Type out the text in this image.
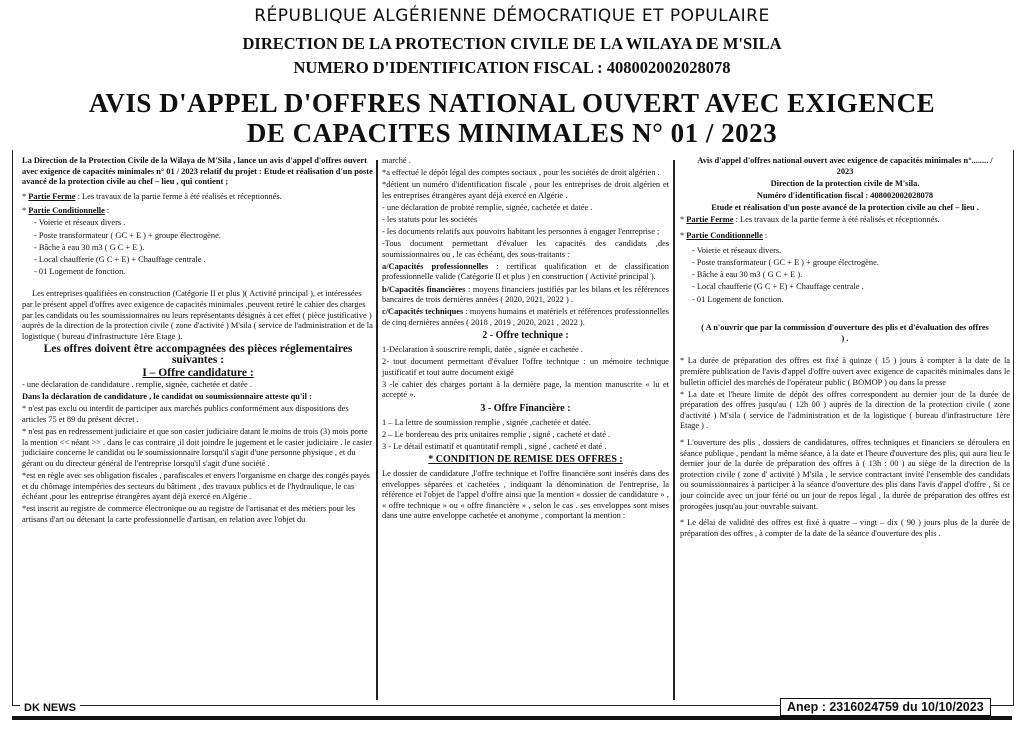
RÉPUBLIQUE ALGÉRIENNE DÉMOCRATIQUE ET POPULAIRE
DIRECTION DE LA PROTECTION CIVILE DE LA WILAYA DE M'SILA
NUMERO D'IDENTIFICATION FISCAL : 408002002028078
AVIS D'APPEL D'OFFRES NATIONAL OUVERT AVEC EXIGENCE
DE CAPACITES MINIMALES N° 01 / 2023

La Direction de la Protection Civile de la Wilaya de M'Sila , lance un avis d'appel d'offres ouvert avec exigence de capacités minimales n° 01 / 2023 relatif du projet : Etude et réalisation d'un poste avancé de la protection civile au chef – lieu , qui contient ;

* Partie Ferme : Les travaux de la partie ferme à été réalisés et réceptionnés.

* Partie Conditionnelle :

- Voierie et réseaux divers .

- Poste transformateur ( GC + E ) + groupe électrogène.

- Bâche à eau 30 m3 ( G C + E ).

- Local chaufferie (G C + E) + Chauffage centrale .

- 01 Logement de fonction.

Les entreprises qualifiées en construction (Catégorie II et plus )( Activité principal ), et intéressées par le présent appel d'offres avec exigence de capacités minimales ,peuvent retiré le cahier des charges par les candidats ou les soumissionnaires ou leurs représentants désignés à cet effet ( pièce justificative ) auprès de la direction de la protection civile ( zone d'activité ) M'sila ( service de l'administration et de la logistique ( bureau d'infrastructure 1ère Etage ).

Les offres doivent être accompagnées des pièces réglementaires suivantes :

I – Offre candidature :

- une déclaration de candidature . remplie, signée, cachetée et datée .

Dans la déclaration de candidature , le candidat ou soumissionnaire atteste qu'il :

* n'est pas exclu ou interdit de participer aux marchés publics conformément aux dispositions des articles 75 et 89 du présent décret .

* n'est pas en redressement judiciaire et que son casier judiciaire datant le moins de trois (3) mois porte la mention << néant >> . dans le cas contraire ,il doit joindre le jugement et le casier judiciaire . le casier judiciaire concerne le candidat ou le soumissionnaire lorsqu'il s'agit d'une personne physique , et du gérant ou du directeur général de l'entreprise lorsqu'il s'agit d'une société .

*est en règle avec ses obligation fiscales , parafiscales et envers l'organisme en charge des congés payés et du chômage intempéries des secteurs du bâtiment , des travaux publics et de l'hydraulique, le cas échéant ,pour les entreprise étrangères ayant déjà exercé en Algérie .

*est inscrit au registre de commerce électronique ou au registre de l'artisanat et des métiers pour les artisans d'art ou détenant la carte professionnelle d'artisan, en relation avec l'objet du

marché .

*a effectué le dépôt légal des comptes sociaux , pour les sociétés de droit algérien .

*détient un numéro d'identification fiscale , pour les entreprises de droit algérien et les entreprises étrangères ayant déjà exercé en Algérie .

- une déclaration de probité remplie, signée, cachetée et datée .

- les statuts pour les sociétés

- les documents relatifs aux pouvoirs habitant les personnes à engager l'entreprise ;

-Tous document permettant d'évaluer les capacités des candidats ,des soumissionnaires ou , le cas échéant, des sous-traitants :

a/Capacités professionnelles : certificat qualification et de classification professionnelle valide (Catégorie II et plus ) en construction ( Activité principal ).

b/Capacités financières : moyens financiers justifiés par les bilans et les références bancaires de trois dernières années ( 2020, 2021, 2022 ) .

c/Capacités techniques : moyens humains et matériels et références professionnelles de cinq dernières années ( 2018 , 2019 , 2020, 2021 , 2022 ).

2 - Offre technique :

1-Déclaration à souscrire rempli, datée , signée et cachetée .

2- tout document permettant d'évaluer l'offre technique : un mémoire technique justificatif et tout autre document exigé

3 -le cahier des charges portant à la dernière page, la mention manuscrite « lu et accepté ».

3 - Offre Financière :

1 – La lettre de soumission remplie , signée ,cachetée et datée.

2 – Le bordereau des prix unitaires remplie , signé , cacheté et daté .

3 - Le détail estimatif et quantitatif rempli , signé , cacheté et daté .

* CONDITION DE REMISE DES OFFRES :

Le dossier de candidature ,l'offre technique et l'offre financière sont insérés dans des enveloppes séparées et cachetées , indiquant la dénomination de l'entreprise, la référence et l'objet de l'appel d'offre ainsi que la mention « dossier de candidature » , « offre technique » ou « offre financière » , selon le cas . ses enveloppes sont mises dans une autre enveloppe cachetée et anonyme , comportant la mention :

Avis d'appel d'offres national ouvert avec exigence de capacités minimales n°........ / 2023

Direction de la protection civile de M'sila.

Numéro d'identification fiscal : 408002002028078

Etude et réalisation d'un poste avancé de la protection civile au chef – lieu .

* Partie Ferme : Les travaux de la partie ferme à été réalisés et réceptionnés.

* Partie Conditionnelle :

- Voierie et réseaux divers.

- Poste transformateur ( GC + E ) + groupe électrogène.

- Bâche à eau 30 m3 ( G C + E ).

- Local chaufferie (G C + E) + Chauffage centrale .

- 01 Logement de fonction.

( A n'ouvrir que par la commission d'ouverture des plis et d'évaluation des offres ) .

* La durée de préparation des offres est fixé à quinze ( 15 ) jours à compter à la date de la première publication de l'avis d'appel d'offre ouvert avec exigence de capacités minimales dans le bulletin officiel des marchés de l'opérateur public ( BOMOP ) ou dans la presse

* La date et l'heure limite de dépôt des offres correspondent au dernier jour de la durée de préparation des offres jusqu'au ( 12h 00 ) auprès de la direction de la protection civile ( zone d'activité ) M'sila ( service de l'administration et de la logistique ( bureau d'infrastructure 1ère Etage ) .

* L'ouverture des plis , dossiers de candidatures, offres techniques et financiers se déroulera en séance publique , pendant la même séance, à la date et l'heure d'ouverture des plis, qui aura lieu le dernier jour de la durée de préparation des offres à ( 13h : 00 ) au siège de la direction de la protection civile ( zone d' activité ) M'sila , le service contractant invité l'ensemble des candidats ou soumissionnaires à participer à la séance d'ouverture des plis dans l'avis d'appel d'offre , Si ce jour coïncide avec un jour férié ou un jour de repos légal , la durée de préparation des offres est prorogées jusqu'au jour ouvrable suivant.

* Le délai de validité des offres est fixé à quatre – vingt – dix ( 90 ) jours plus de la durée de préparation des offres , à compter de la date de la séance d'ouverture des plis .

DK NEWS	Anep : 2316024759 du 10/10/2023
